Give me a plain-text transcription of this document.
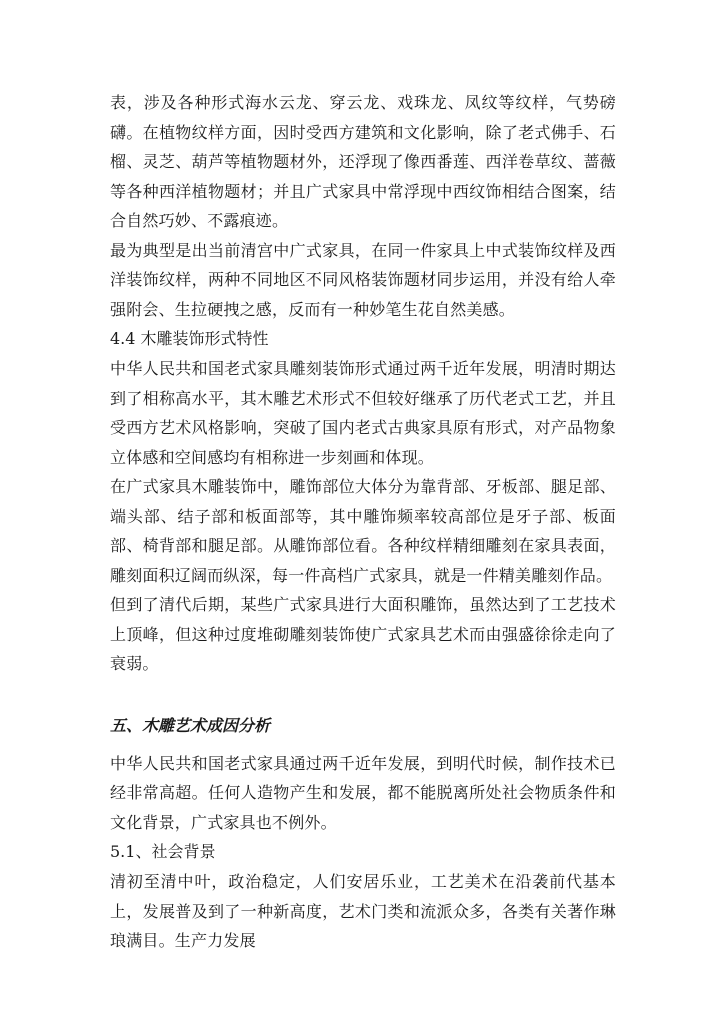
表，涉及各种形式海水云龙、穿云龙、戏珠龙、凤纹等纹样，气势磅礴。在植物纹样方面，因时受西方建筑和文化影响，除了老式佛手、石榴、灵芝、葫芦等植物题材外，还浮现了像西番莲、西洋卷草纹、蔷薇等各种西洋植物题材；并且广式家具中常浮现中西纹饰相结合图案，结合自然巧妙、不露痕迹。

最为典型是出当前清宫中广式家具，在同一件家具上中式装饰纹样及西洋装饰纹样，两种不同地区不同风格装饰题材同步运用，并没有给人牵强附会、生拉硬拽之感，反而有一种妙笔生花自然美感。

4.4 木雕装饰形式特性

中华人民共和国老式家具雕刻装饰形式通过两千近年发展，明清时期达到了相称高水平，其木雕艺术形式不但较好继承了历代老式工艺，并且受西方艺术风格影响，突破了国内老式古典家具原有形式，对产品物象立体感和空间感均有相称进一步刻画和体现。

在广式家具木雕装饰中，雕饰部位大体分为靠背部、牙板部、腿足部、端头部、结子部和板面部等，其中雕饰频率较高部位是牙子部、板面部、椅背部和腿足部。从雕饰部位看。各种纹样精细雕刻在家具表面，雕刻面积辽阔而纵深，每一件高档广式家具，就是一件精美雕刻作品。

但到了清代后期，某些广式家具进行大面积雕饰，虽然达到了工艺技术上顶峰，但这种过度堆砌雕刻装饰使广式家具艺术而由强盛徐徐走向了衰弱。

五、木雕艺术成因分析

中华人民共和国老式家具通过两千近年发展，到明代时候，制作技术已经非常高超。任何人造物产生和发展，都不能脱离所处社会物质条件和文化背景，广式家具也不例外。

5.1、社会背景

清初至清中叶，政治稳定，人们安居乐业，工艺美术在沿袭前代基本上，发展普及到了一种新高度，艺术门类和流派众多，各类有关著作琳琅满目。生产力发展
